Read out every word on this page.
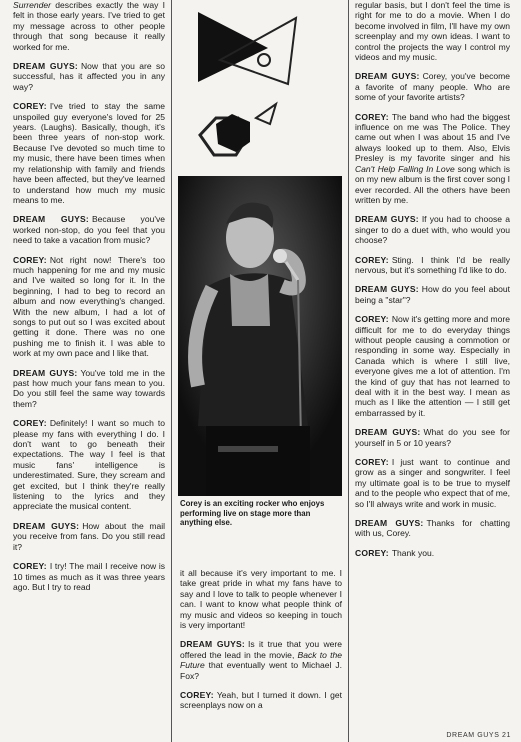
Surrender describes exactly the way I felt in those early years. I've tried to get my message across to other people through that song because it really worked for me.

DREAM GUYS: Now that you are so successful, has it affected you in any way?
COREY: I've tried to stay the same unspoiled guy everyone's loved for 25 years. (Laughs). Basically, though, it's been three years of non-stop work. Because I've devoted so much time to my music, there have been times when my relationship with family and friends have been affected, but they've learned to understand how much my music means to me.
DREAM GUYS: Because you've worked non-stop, do you feel that you need to take a vacation from music?
COREY: Not right now! There's too much happening for me and my music and I've waited so long for it. In the beginning, I had to beg to record an album and now everything's changed. With the new album, I had a lot of songs to put out so I was excited about getting it done. There was no one pushing me to finish it. I was able to work at my own pace and I like that.
DREAM GUYS: You've told me in the past how much your fans mean to you. Do you still feel the same way towards them?
COREY: Definitely! I want so much to please my fans with everything I do. I don't want to go beneath their expectations. The way I feel is that music fans' intelligence is underestimated. Sure, they scream and get excited, but I think they're really listening to the lyrics and they appreciate the musical content.
DREAM GUYS: How about the mail you receive from fans. Do you still read it?
COREY: I try! The mail I receive now is 10 times as much as it was three years ago. But I try to read
Corey is an exciting rocker who enjoys performing live on stage more than anything else.

it all because it's very important to me. I take great pride in what my fans have to say and I love to talk to people whenever I can. I want to know what people think of my music and videos so keeping in touch is very important!

DREAM GUYS: Is it true that you were offered the lead in the movie, Back to the Future that eventually went to Michael J. Fox?
COREY: Yeah, but I turned it down. I get screenplays now on a

regular basis, but I don't feel the time is right for me to do a movie. When I do become involved in film, I'll have my own screenplay and my own ideas. I want to control the projects the way I control my videos and my music.

DREAM GUYS: Corey, you've become a favorite of many people. Who are some of your favorite artists?
COREY: The band who had the biggest influence on me was The Police. They came out when I was about 15 and I've always looked up to them. Also, Elvis Presley is my favorite singer and his Can't Help Falling In Love song which is on my new album is the first cover song I ever recorded. All the others have been written by me.
DREAM GUYS: If you had to choose a singer to do a duet with, who would you choose?
COREY: Sting. I think I'd be really nervous, but it's something I'd like to do.
DREAM GUYS: How do you feel about being a "star"?
COREY: Now it's getting more and more difficult for me to do everyday things without people causing a commotion or responding in some way. Especially in Canada which is where I still live, everyone gives me a lot of attention. I'm the kind of guy that has not learned to deal with it in the best way. I mean as much as I like the attention — I still get embarrassed by it.
DREAM GUYS: What do you see for yourself in 5 or 10 years?
COREY: I just want to continue and grow as a singer and songwriter. I feel my ultimate goal is to be true to myself and to the people who expect that of me, so I'll always write and work in music.
DREAM GUYS: Thanks for chatting with us, Corey.
COREY: Thank you.
DREAM GUYS 21
